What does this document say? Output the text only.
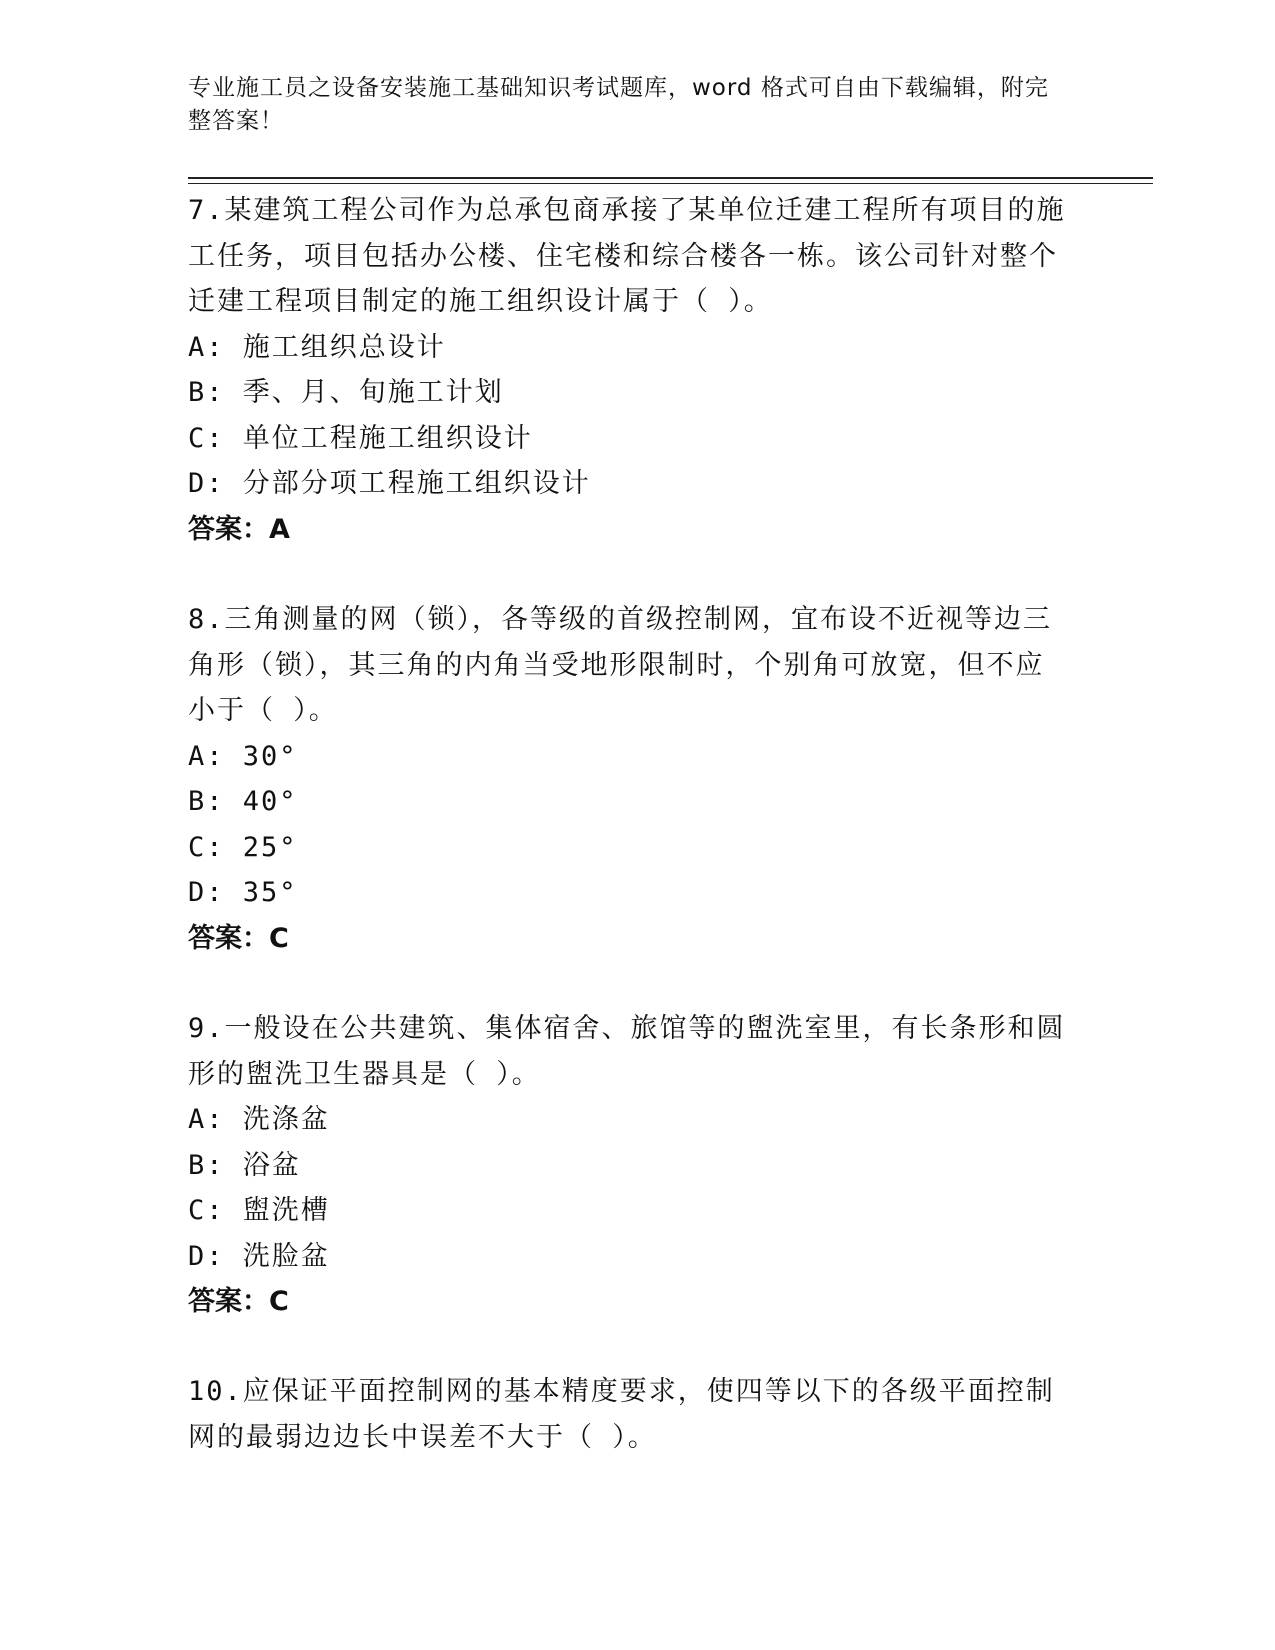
专业施工员之设备安装施工基础知识考试题库，word 格式可自由下载编辑，附完整答案！

7.某建筑工程公司作为总承包商承接了某单位迁建工程所有项目的施工任务，项目包括办公楼、住宅楼和综合楼各一栋。该公司针对整个迁建工程项目制定的施工组织设计属于（ ）。

A: 施工组织总设计

B: 季、月、旬施工计划

C: 单位工程施工组织设计

D: 分部分项工程施工组织设计

答案：A

8.三角测量的网（锁），各等级的首级控制网，宜布设不近视等边三角形（锁），其三角的内角当受地形限制时，个别角可放宽，但不应小于（ ）。

A: 30°

B: 40°

C: 25°

D: 35°

答案：C

9.一般设在公共建筑、集体宿舍、旅馆等的盥洗室里，有长条形和圆形的盥洗卫生器具是（ ）。

A: 洗涤盆

B: 浴盆

C: 盥洗槽

D: 洗脸盆

答案：C

10.应保证平面控制网的基本精度要求，使四等以下的各级平面控制网的最弱边边长中误差不大于（ ）。
